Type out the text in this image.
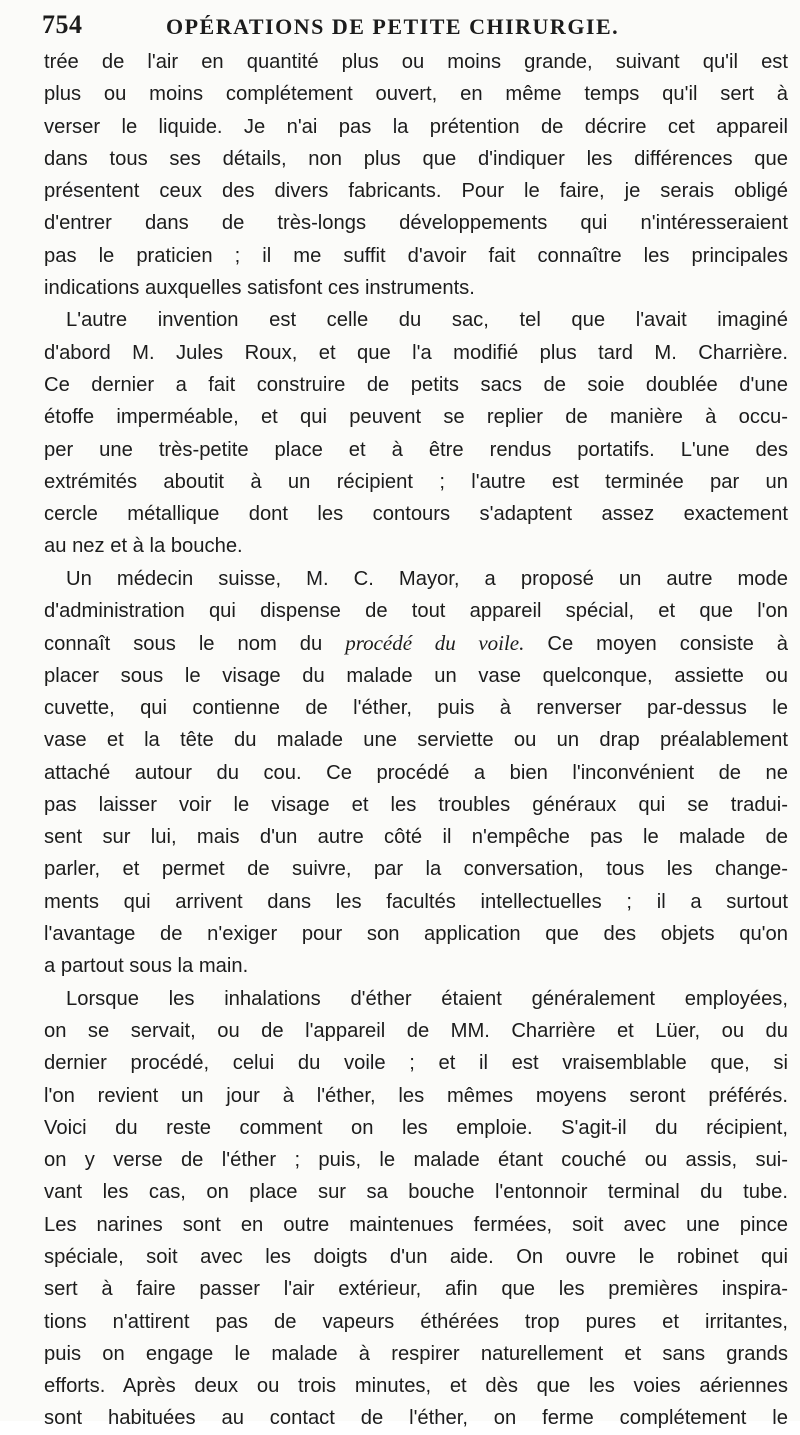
754	OPÉRATIONS DE PETITE CHIRURGIE.
trée de l'air en quantité plus ou moins grande, suivant qu'il est
plus ou moins complétement ouvert, en même temps qu'il sert à
verser le liquide. Je n'ai pas la prétention de décrire cet appareil
dans tous ses détails, non plus que d'indiquer les différences que
présentent ceux des divers fabricants. Pour le faire, je serais obligé
d'entrer dans de très-longs développements qui n'intéresseraient
pas le praticien ; il me suffit d'avoir fait connaître les principales
indications auxquelles satisfont ces instruments.
L'autre invention est celle du sac, tel que l'avait imaginé
d'abord M. Jules Roux, et que l'a modifié plus tard M. Charrière.
Ce dernier a fait construire de petits sacs de soie doublée d'une
étoffe imperméable, et qui peuvent se replier de manière à occu-
per une très-petite place et à être rendus portatifs. L'une des
extrémités aboutit à un récipient ; l'autre est terminée par un
cercle métallique dont les contours s'adaptent assez exactement
au nez et à la bouche.
Un médecin suisse, M. C. Mayor, a proposé un autre mode
d'administration qui dispense de tout appareil spécial, et que l'on
connaît sous le nom du procédé du voile. Ce moyen consiste à
placer sous le visage du malade un vase quelconque, assiette ou
cuvette, qui contienne de l'éther, puis à renverser par-dessus le
vase et la tête du malade une serviette ou un drap préalablement
attaché autour du cou. Ce procédé a bien l'inconvénient de ne
pas laisser voir le visage et les troubles généraux qui se tradui-
sent sur lui, mais d'un autre côté il n'empêche pas le malade de
parler, et permet de suivre, par la conversation, tous les change-
ments qui arrivent dans les facultés intellectuelles ; il a surtout
l'avantage de n'exiger pour son application que des objets qu'on
a partout sous la main.
Lorsque les inhalations d'éther étaient généralement employées,
on se servait, ou de l'appareil de MM. Charrière et Lüer, ou du
dernier procédé, celui du voile ; et il est vraisemblable que, si
l'on revient un jour à l'éther, les mêmes moyens seront préférés.
Voici du reste comment on les emploie. S'agit-il du récipient,
on y verse de l'éther ; puis, le malade étant couché ou assis, sui-
vant les cas, on place sur sa bouche l'entonnoir terminal du tube.
Les narines sont en outre maintenues fermées, soit avec une pince
spéciale, soit avec les doigts d'un aide. On ouvre le robinet qui
sert à faire passer l'air extérieur, afin que les premières inspira-
tions n'attirent pas de vapeurs éthérées trop pures et irritantes,
puis on engage le malade à respirer naturellement et sans grands
efforts. Après deux ou trois minutes, et dès que les voies aériennes
sont habituées au contact de l'éther, on ferme complétement le
